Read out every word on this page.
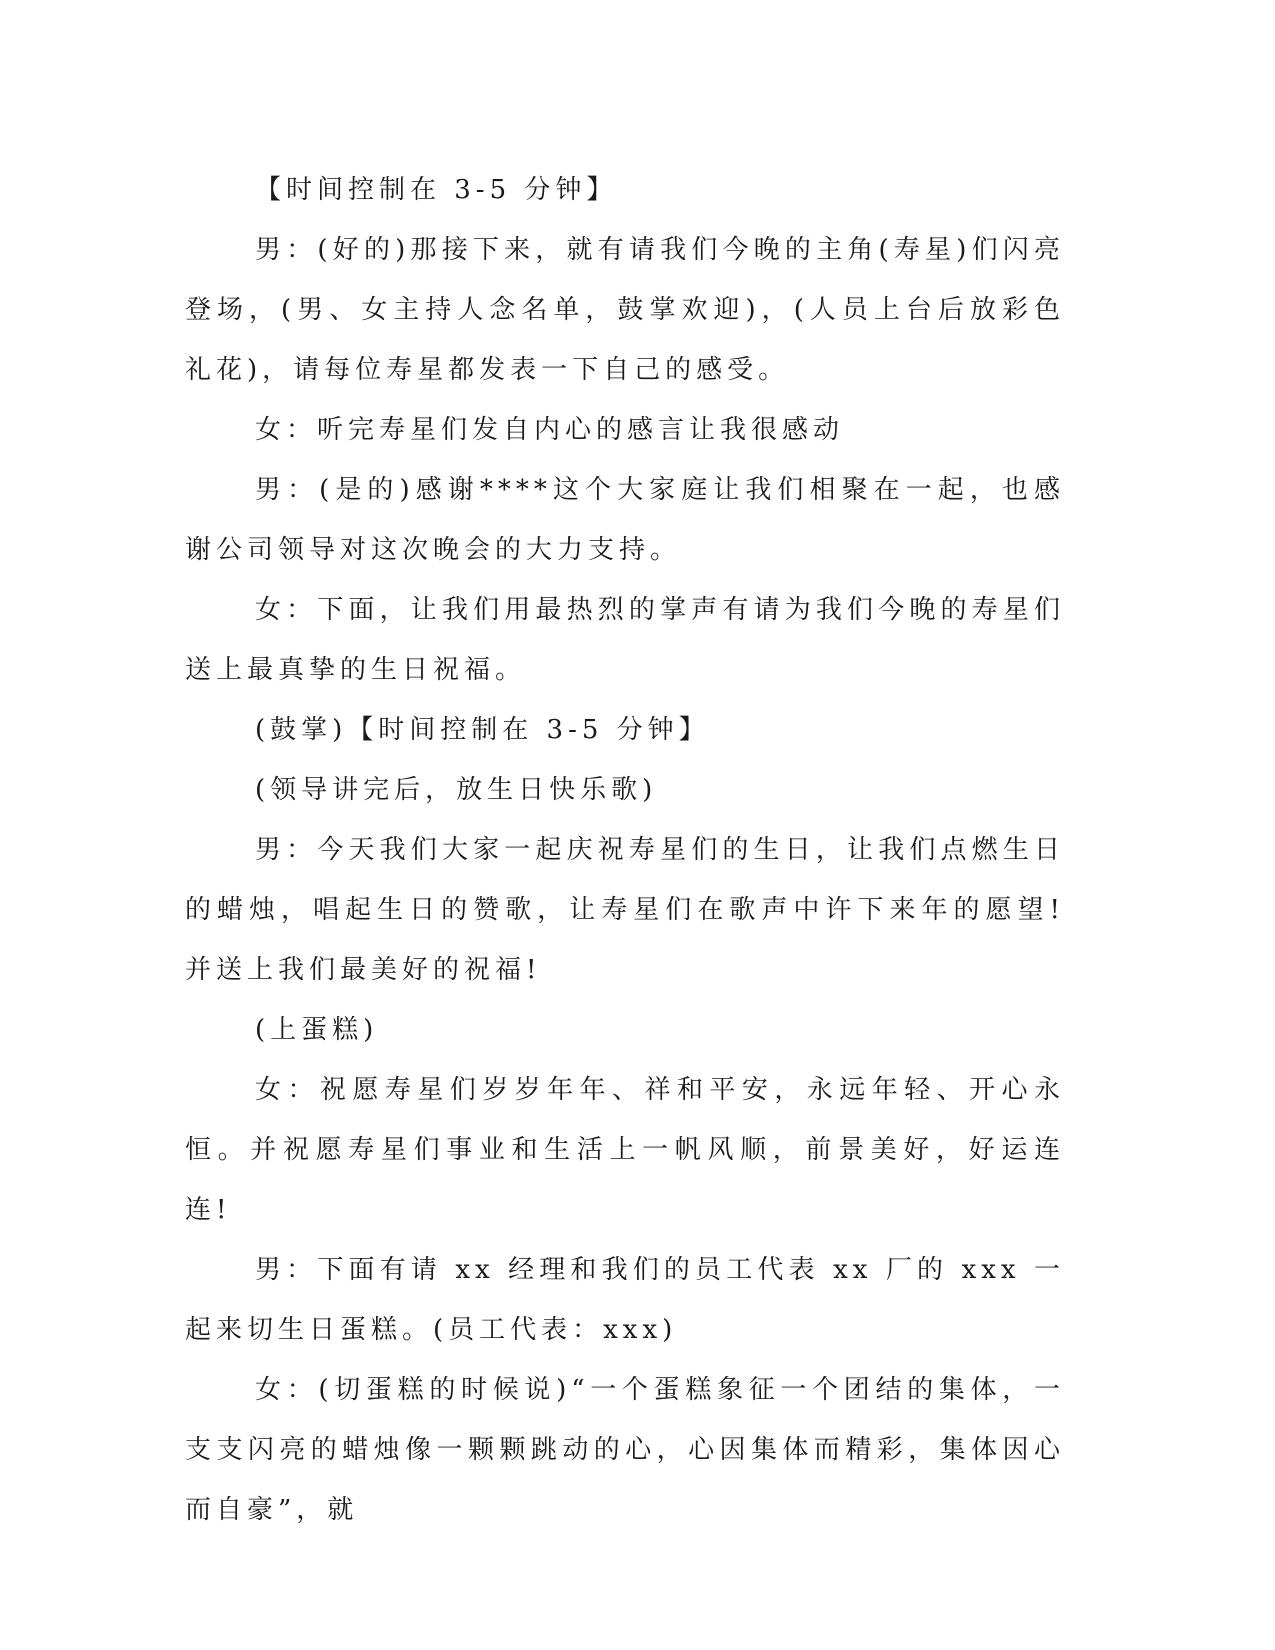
【时间控制在 3-5 分钟】

男：(好的)那接下来，就有请我们今晚的主角(寿星)们闪亮登场，(男、女主持人念名单，鼓掌欢迎)，(人员上台后放彩色礼花)，请每位寿星都发表一下自己的感受。

女：听完寿星们发自内心的感言让我很感动

男：(是的)感谢****这个大家庭让我们相聚在一起，也感谢公司领导对这次晚会的大力支持。

女：下面，让我们用最热烈的掌声有请为我们今晚的寿星们送上最真挚的生日祝福。

(鼓掌)【时间控制在 3-5 分钟】

(领导讲完后，放生日快乐歌)

男：今天我们大家一起庆祝寿星们的生日，让我们点燃生日的蜡烛，唱起生日的赞歌，让寿星们在歌声中许下来年的愿望!并送上我们最美好的祝福!

(上蛋糕)

女：祝愿寿星们岁岁年年、祥和平安，永远年轻、开心永恒。并祝愿寿星们事业和生活上一帆风顺，前景美好，好运连连!

男：下面有请 xx 经理和我们的员工代表 xx 厂的 xxx 一起来切生日蛋糕。(员工代表：xxx)

女：(切蛋糕的时候说)“一个蛋糕象征一个团结的集体，一支支闪亮的蜡烛像一颗颗跳动的心，心因集体而精彩，集体因心而自豪”，就
